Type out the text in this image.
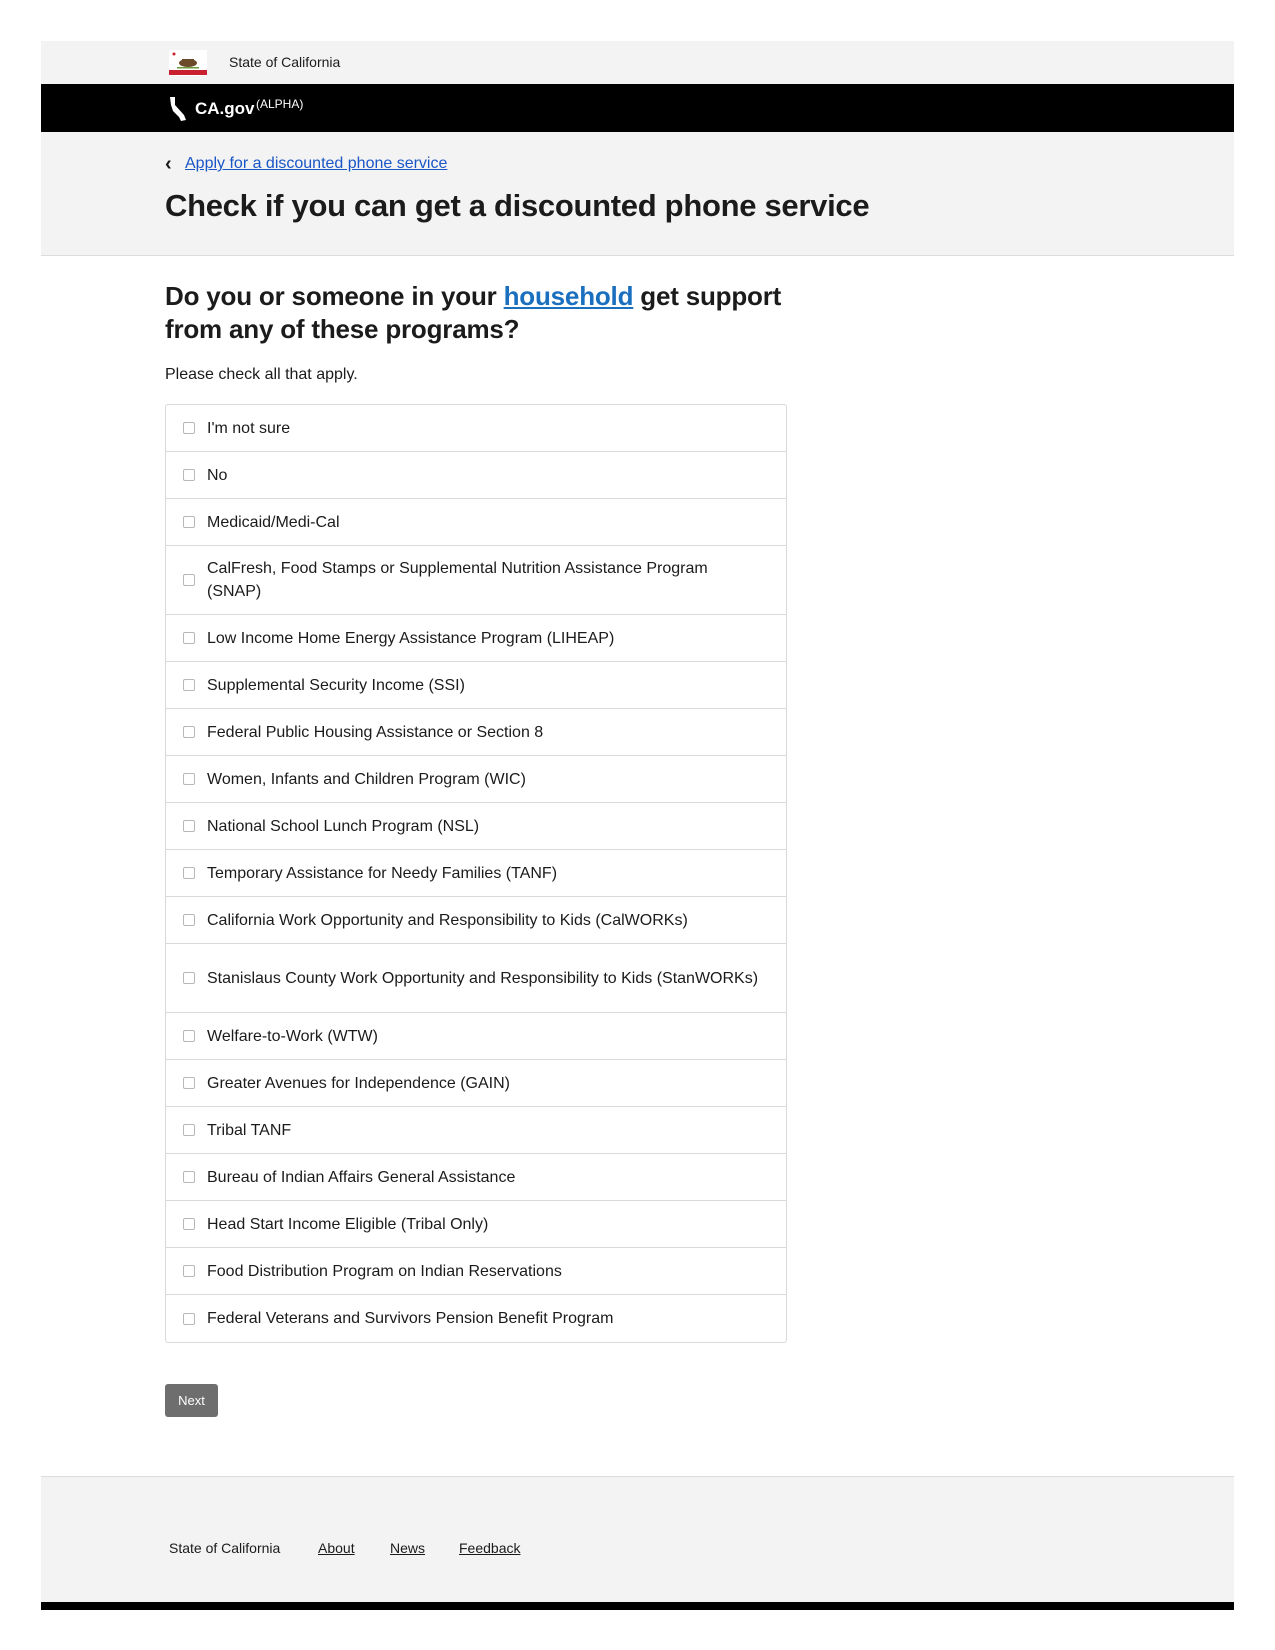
State of California
CA.gov (ALPHA)
‹ Apply for a discounted phone service
Check if you can get a discounted phone service
Do you or someone in your household get support from any of these programs?

Please check all that apply.

I'm not sure
No
Medicaid/Medi-Cal
CalFresh, Food Stamps or Supplemental Nutrition Assistance Program (SNAP)
Low Income Home Energy Assistance Program (LIHEAP)
Supplemental Security Income (SSI)
Federal Public Housing Assistance or Section 8
Women, Infants and Children Program (WIC)
National School Lunch Program (NSL)
Temporary Assistance for Needy Families (TANF)
California Work Opportunity and Responsibility to Kids (CalWORKs)
Stanislaus County Work Opportunity and Responsibility to Kids (StanWORKs)
Welfare-to-Work (WTW)
Greater Avenues for Independence (GAIN)
Tribal TANF
Bureau of Indian Affairs General Assistance
Head Start Income Eligible (Tribal Only)
Food Distribution Program on Indian Reservations
Federal Veterans and Survivors Pension Benefit Program
Next
State of California	About	News Feedback
